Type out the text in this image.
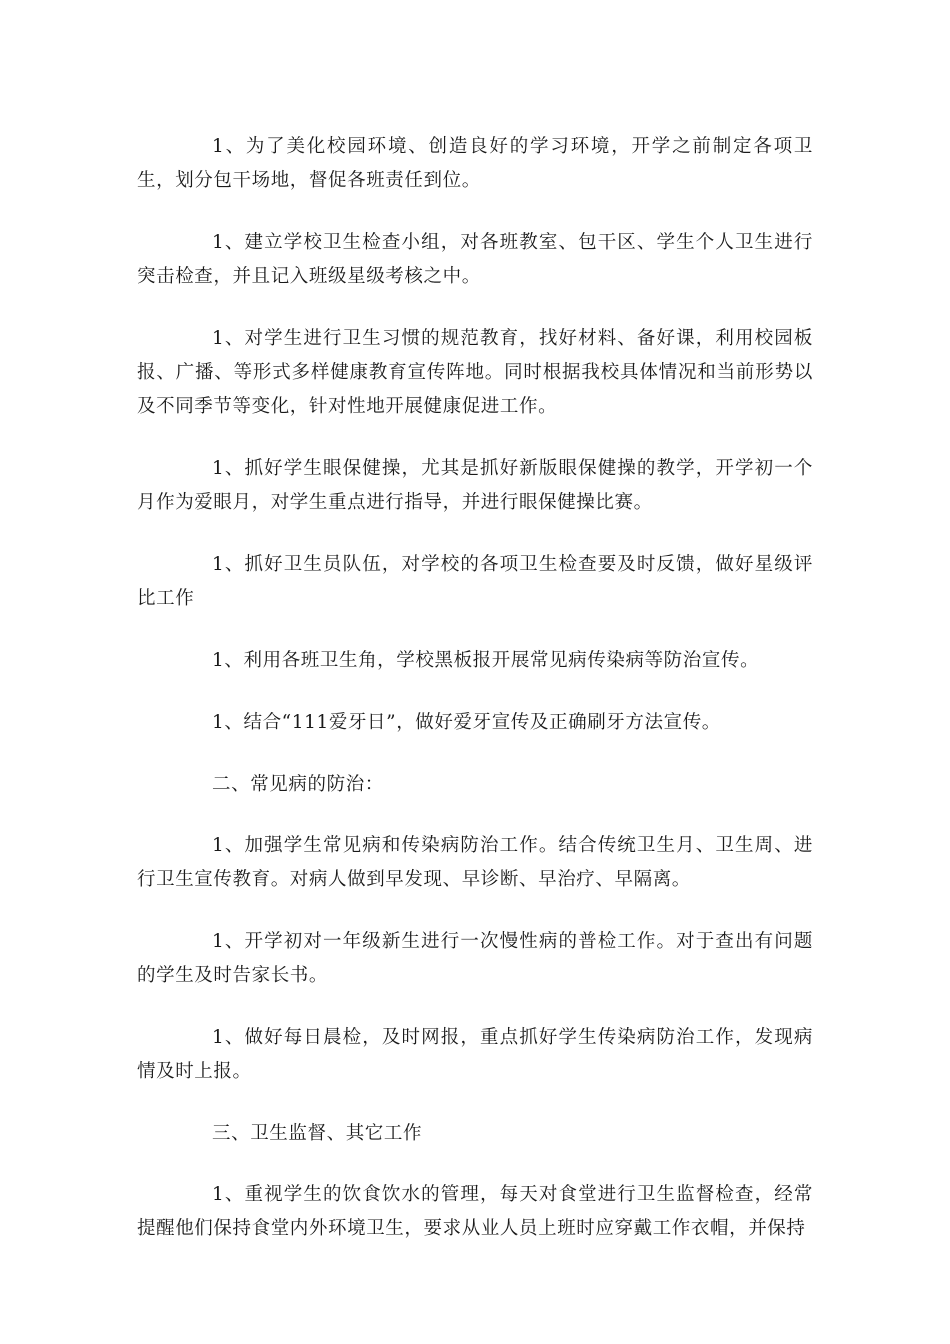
1、为了美化校园环境、创造良好的学习环境，开学之前制定各项卫生，划分包干场地，督促各班责任到位。

1、建立学校卫生检查小组，对各班教室、包干区、学生个人卫生进行突击检查，并且记入班级星级考核之中。

1、对学生进行卫生习惯的规范教育，找好材料、备好课，利用校园板报、广播、等形式多样健康教育宣传阵地。同时根据我校具体情况和当前形势以及不同季节等变化，针对性地开展健康促进工作。

1、抓好学生眼保健操，尤其是抓好新版眼保健操的教学，开学初一个月作为爱眼月，对学生重点进行指导，并进行眼保健操比赛。

1、抓好卫生员队伍，对学校的各项卫生检查要及时反馈，做好星级评比工作

1、利用各班卫生角，学校黑板报开展常见病传染病等防治宣传。

1、结合“111爱牙日”，做好爱牙宣传及正确刷牙方法宣传。

二、常见病的防治：

1、加强学生常见病和传染病防治工作。结合传统卫生月、卫生周、进行卫生宣传教育。对病人做到早发现、早诊断、早治疗、早隔离。

1、开学初对一年级新生进行一次慢性病的普检工作。对于查出有问题的学生及时告家长书。

1、做好每日晨检，及时网报，重点抓好学生传染病防治工作，发现病情及时上报。

三、卫生监督、其它工作

1、重视学生的饮食饮水的管理，每天对食堂进行卫生监督检查，经常提醒他们保持食堂内外环境卫生，要求从业人员上班时应穿戴工作衣帽，并保持
